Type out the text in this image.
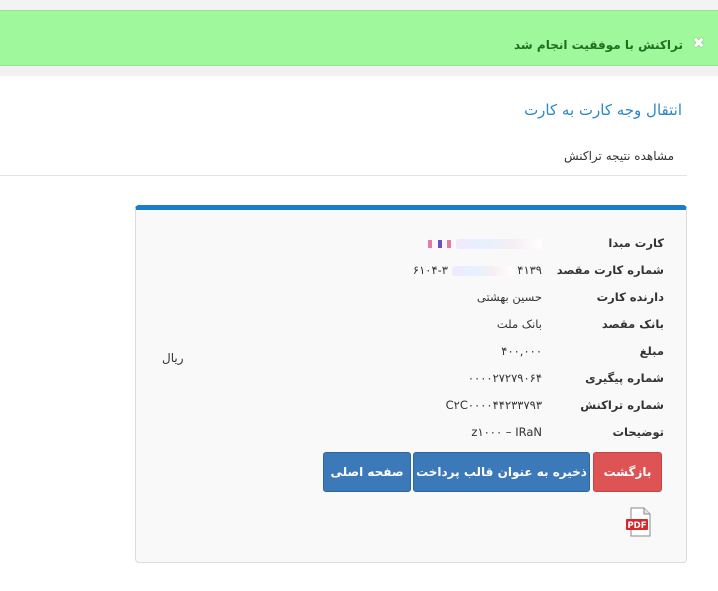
✖
تراکنش با موفقیت انجام شد
انتقال وجه کارت به کارت
مشاهده نتیجه تراکنش
کارت مبدا

شماره کارت مقصد
۶۱۰۴-۳	۴۱۳۹
دارنده کارت
حسین بهشتی
بانک مقصد
بانک ملت
مبلغ
۴۰۰,۰۰۰
ریال
شماره پیگیری
۰۰۰۰۲۷۲۷۹۰۶۴
شماره تراکنش
C۲C۰۰۰۰۴۴۲۳۳۷۹۳
توضیحات
z۱۰۰۰ – IRaN
بازگشت
ذخیره به عنوان قالب پرداخت
صفحه اصلی
PDF
